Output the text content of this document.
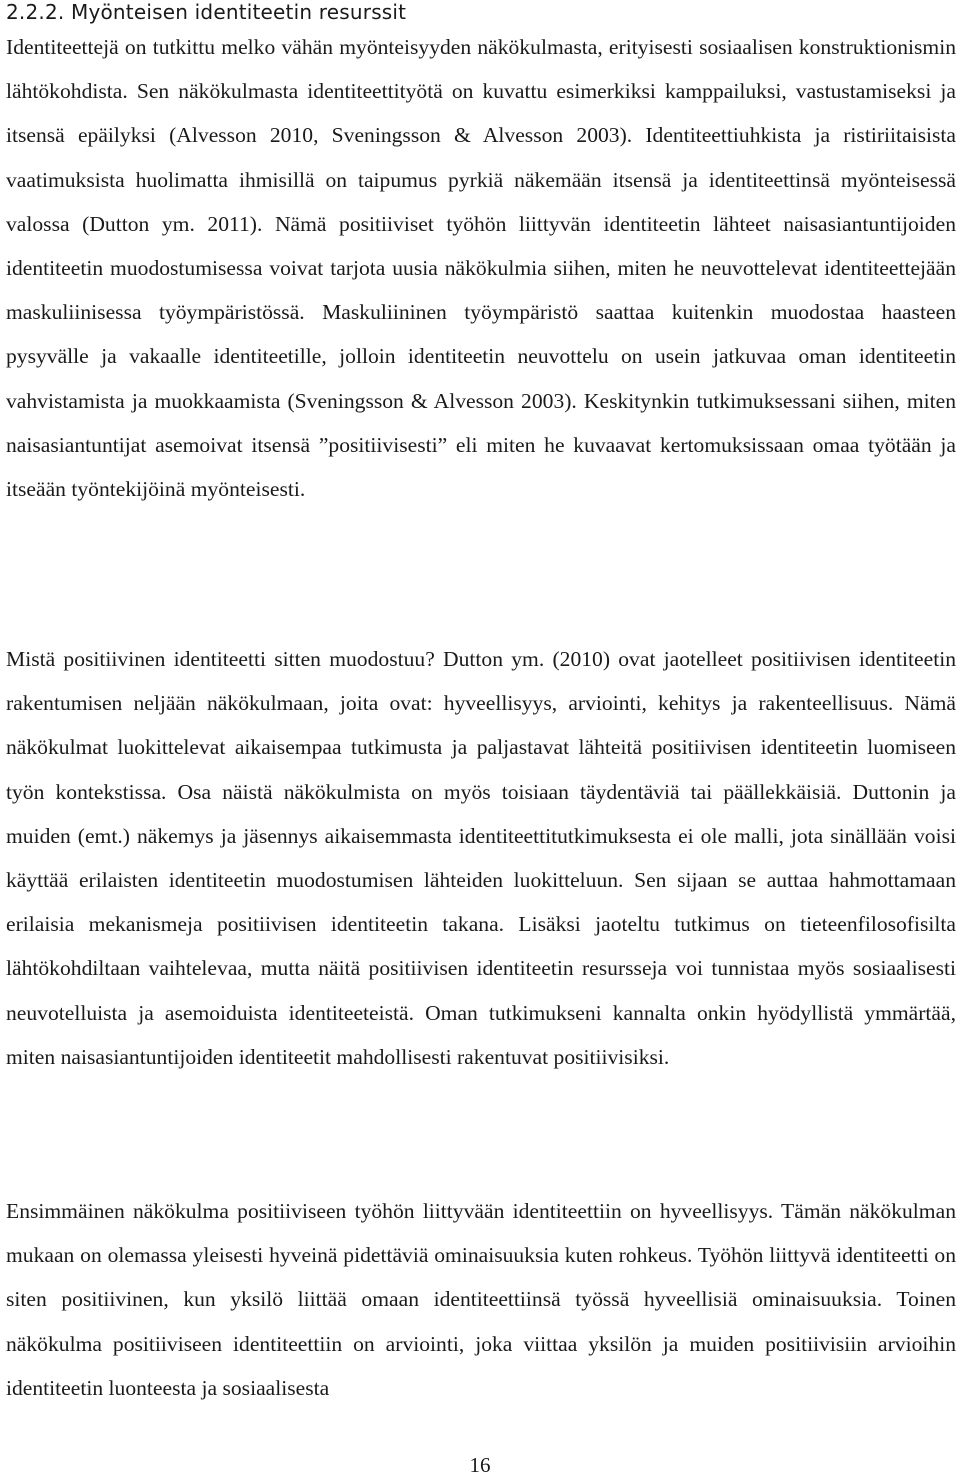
2.2.2. Myönteisen identiteetin resurssit

Identiteettejä on tutkittu melko vähän myönteisyyden näkökulmasta, erityisesti sosiaalisen konstruktionismin lähtökohdista. Sen näkökulmasta identiteettityötä on kuvattu esimerkiksi kamppailuksi, vastustamiseksi ja itsensä epäilyksi (Alvesson 2010, Sveningsson & Alvesson 2003). Identiteettiuhkista ja ristiriitaisista vaatimuksista huolimatta ihmisillä on taipumus pyrkiä näkemään itsensä ja identiteettinsä myönteisessä valossa (Dutton ym. 2011). Nämä positiiviset työhön liittyvän identiteetin lähteet naisasiantuntijoiden identiteetin muodostumisessa voivat tarjota uusia näkökulmia siihen, miten he neuvottelevat identiteettejään maskuliinisessa työympäristössä. Maskuliininen työympäristö saattaa kuitenkin muodostaa haasteen pysyvälle ja vakaalle identiteetille, jolloin identiteetin neuvottelu on usein jatkuvaa oman identiteetin vahvistamista ja muokkaamista (Sveningsson & Alvesson 2003). Keskitynkin tutkimuksessani siihen, miten naisasiantuntijat asemoivat itsensä ”positiivisesti” eli miten he kuvaavat kertomuksissaan omaa työtään ja itseään työntekijöinä myönteisesti.

Mistä positiivinen identiteetti sitten muodostuu? Dutton ym. (2010) ovat jaotelleet positiivisen identiteetin rakentumisen neljään näkökulmaan, joita ovat: hyveellisyys, arviointi, kehitys ja rakenteellisuus. Nämä näkökulmat luokittelevat aikaisempaa tutkimusta ja paljastavat lähteitä positiivisen identiteetin luomiseen työn kontekstissa. Osa näistä näkökulmista on myös toisiaan täydentäviä tai päällekkäisiä. Duttonin ja muiden (emt.) näkemys ja jäsennys aikaisemmasta identiteettitutkimuksesta ei ole malli, jota sinällään voisi käyttää erilaisten identiteetin muodostumisen lähteiden luokitteluun. Sen sijaan se auttaa hahmottamaan erilaisia mekanismeja positiivisen identiteetin takana. Lisäksi jaoteltu tutkimus on tieteenfilosofisilta lähtökohdiltaan vaihtelevaa, mutta näitä positiivisen identiteetin resursseja voi tunnistaa myös sosiaalisesti neuvotelluista ja asemoiduista identiteeteistä. Oman tutkimukseni kannalta onkin hyödyllistä ymmärtää, miten naisasiantuntijoiden identiteetit mahdollisesti rakentuvat positiivisiksi.

Ensimmäinen näkökulma positiiviseen työhön liittyvään identiteettiin on hyveellisyys. Tämän näkökulman mukaan on olemassa yleisesti hyveinä pidettäviä ominaisuuksia kuten rohkeus. Työhön liittyvä identiteetti on siten positiivinen, kun yksilö liittää omaan identiteettiinsä työssä hyveellisiä ominaisuuksia. Toinen näkökulma positiiviseen identiteettiin on arviointi, joka viittaa yksilön ja muiden positiivisiin arvioihin identiteetin luonteesta ja sosiaalisesta

16
